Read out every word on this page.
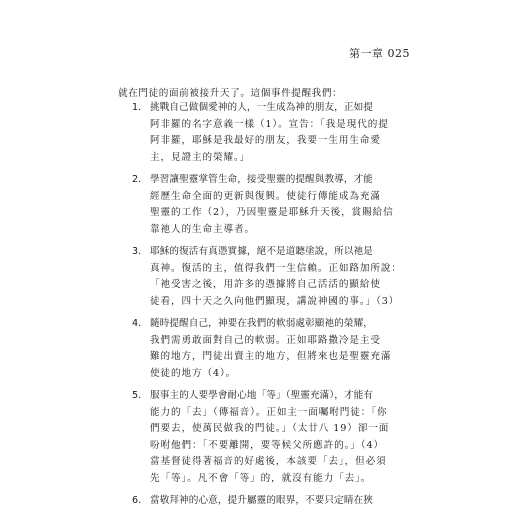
第一章 025
就在門徒的面前被接升天了。這個事件提醒我們：
1. 挑戰自己做個愛神的人，一生成為神的朋友，正如提
阿非羅的名字意義一樣（1）。宣告：「我是現代的提
阿非羅，耶穌是我最好的朋友，我要一生用生命愛
主，見證主的榮耀。」
2. 學習讓聖靈掌管生命，接受聖靈的提醒與教導，才能
經歷生命全面的更新與復興。使徒行傳能成為充滿
聖靈的工作（2），乃因聖靈是耶穌升天後，賞賜給信
靠祂人的生命主導者。
3. 耶穌的復活有真憑實據，絕不是道聽塗說，所以祂是
真神。復活的主，值得我們一生信賴。正如路加所說：
「祂受害之後，用許多的憑據將自己活活的顯給使
徒看，四十天之久向他們顯現，講說神國的事。」（3）
4. 隨時提醒自己，神要在我們的軟弱處彰顯祂的榮耀，
我們需勇敢面對自己的軟弱。正如耶路撒冷是主受
難的地方，門徒出賣主的地方，但將來也是聖靈充滿
使徒的地方（4）。
5. 服事主的人要學會耐心地「等」（聖靈充滿），才能有
能力的「去」（傳福音）。正如主一面囑咐門徒：「你
們要去，使萬民做我的門徒。」（太廿八 19）卻一面
吩咐他們：「不要離開，要等候父所應許的。」（4）
當基督徒得著福音的好處後，本該要「去」，但必須
先「等」。凡不會「等」的，就沒有能力「去」。
6. 當敬拜神的心意，提升屬靈的眼界，不要只定睛在狹
